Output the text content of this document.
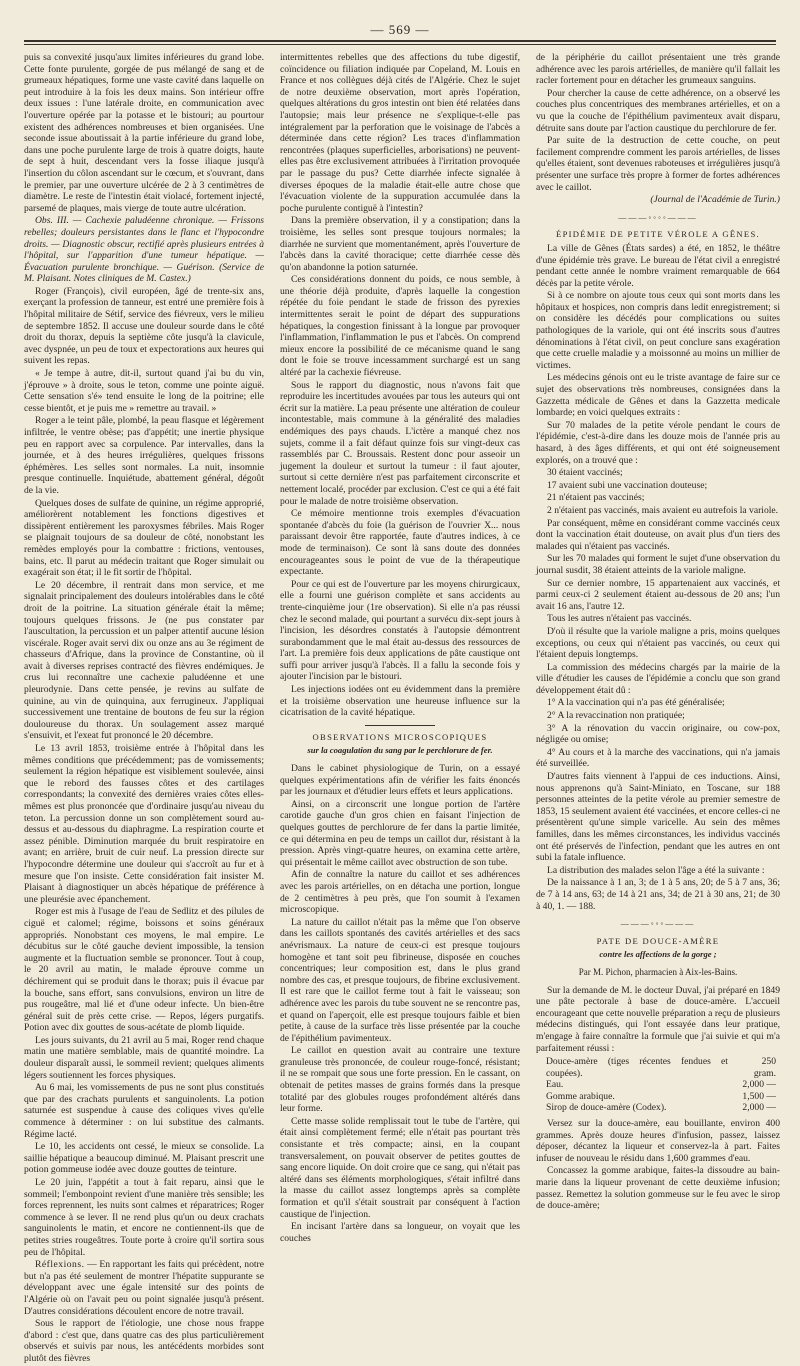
— 569 —

puis sa convexité jusqu'aux limites inférieures du grand lobe. Cette fonte purulente, gorgée de pus mélangé de sang et de grumeaux hépatiques, forme une vaste cavité dans laquelle on peut introduire à la fois les deux mains. Son intérieur offre deux issues : l'une latérale droite, en communication avec l'ouverture opérée par la potasse et le bistouri; au pourtour existent des adhérences nombreuses et bien organisées. Une seconde issue aboutissait à la partie inférieure du grand lobe, dans une poche purulente large de trois à quatre doigts, haute de sept à huit, descendant vers la fosse iliaque jusqu'à l'insertion du côlon ascendant sur le cœcum, et s'ouvrant, dans le premier, par une ouverture ulcérée de 2 à 3 centimètres de diamètre. Le reste de l'intestin était violacé, fortement injecté, parsemé de plaques, mais vierge de toute autre ulcération.

Obs. III. — Cachexie paludéenne chronique. — Frissons rebelles; douleurs persistantes dans le flanc et l'hypocondre droits. — Diagnostic obscur, rectifié après plusieurs entrées à l'hôpital, sur l'apparition d'une tumeur hépatique. — Évacuation purulente bronchique. — Guérison. (Service de M. Plaisant. Notes cliniques de M. Castex.)

Roger (François), civil européen, âgé de trente-six ans, exerçant la profession de tanneur, est entré une première fois à l'hôpital militaire de Sétif, service des fiévreux, vers le milieu de septembre 1852. Il accuse une douleur sourde dans le côté droit du thorax, depuis la septième côte jusqu'à la clavicule, avec dyspnée, un peu de toux et expectorations aux heures qui suivent les repas.

« Je tempe à autre, dit-il, surtout quand j'ai bu du vin, j'éprouve » à droite, sous le teton, comme une pointe aiguë. Cette sensation s'é» tend ensuite le long de la poitrine; elle cesse bientôt, et je puis me » remettre au travail. »

Roger a le teint pâle, plombé, la peau flasque et légèrement infiltrée, le ventre obèse; pas d'appétit; une inertie physique peu en rapport avec sa corpulence. Par intervalles, dans la journée, et à des heures irrégulières, quelques frissons éphémères. Les selles sont normales. La nuit, insomnie presque continuelle. Inquiétude, abattement général, dégoût de la vie.

Quelques doses de sulfate de quinine, un régime approprié, améliorèrent notablement les fonctions digestives et dissipèrent entièrement les paroxysmes fébriles. Mais Roger se plaignait toujours de sa douleur de côté, nonobstant les remèdes employés pour la combattre : frictions, ventouses, bains, etc. Il parut au médecin traitant que Roger simulait ou exagérait son état; il le fit sortir de l'hôpital.

Le 20 décembre, il rentrait dans mon service, et me signalait principalement des douleurs intolérables dans le côté droit de la poitrine. La situation générale était la même; toujours quelques frissons. Je (ne pus constater par l'auscultation, la percussion et un palper attentif aucune lésion viscérale. Roger avait servi dix ou onze ans au 3e régiment de chasseurs d'Afrique, dans la province de Constantine, où il avait à diverses reprises contracté des fièvres endémiques. Je crus lui reconnaître une cachexie paludéenne et une pleurodynie. Dans cette pensée, je revins au sulfate de quinine, au vin de quinquina, aux ferrugineux. J'appliquai successivement une trentaine de boutons de feu sur la région douloureuse du thorax. Un soulagement assez marqué s'ensuivit, et l'exeat fut prononcé le 20 décembre.

Le 13 avril 1853, troisième entrée à l'hôpital dans les mêmes conditions que précédemment; pas de vomissements; seulement la région hépatique est visiblement soulevée, ainsi que le rebord des fausses côtes et des cartilages correspondants; la convexité des dernières vraies côtes elles-mêmes est plus prononcée que d'ordinaire jusqu'au niveau du teton. La percussion donne un son complètement sourd au-dessus et au-dessous du diaphragme. La respiration courte et assez pénible. Diminution marquée du bruit respiratoire en avant; en arrière, bruit de cuir neuf. La pression directe sur l'hypocondre détermine une douleur qui s'accroît au fur et à mesure que l'on insiste. Cette considération fait insister M. Plaisant à diagnostiquer un abcès hépatique de préférence à une pleurésie avec épanchement.

Roger est mis à l'usage de l'eau de Sedlitz et des pilules de ciguë et calomel; régime, boissons et soins généraux appropriés. Nonobstant ces moyens, le mal empire. Le décubitus sur le côté gauche devient impossible, la tension augmente et la fluctuation semble se prononcer. Tout à coup, le 20 avril au matin, le malade éprouve comme un déchirement qui se produit dans le thorax; puis il évacue par la bouche, sans effort, sans convulsions, environ un litre de pus rougeâtre, mal lié et d'une odeur infecte. Un bien-être général suit de près cette crise. — Repos, légers purgatifs. Potion avec dix gouttes de sous-acétate de plomb liquide.

Les jours suivants, du 21 avril au 5 mai, Roger rend chaque matin une matière semblable, mais de quantité moindre. La douleur disparaît aussi, le sommeil revient; quelques aliments légers soutiennent les forces physiques.

Au 6 mai, les vomissements de pus ne sont plus constitués que par des crachats purulents et sanguinolents. La potion saturnée est suspendue à cause des coliques vives qu'elle commence à déterminer : on lui substitue des calmants. Régime lacté.

Le 10, les accidents ont cessé, le mieux se consolide. La saillie hépatique a beaucoup diminué. M. Plaisant prescrit une potion gommeuse iodée avec douze gouttes de teinture.

Le 20 juin, l'appétit a tout à fait reparu, ainsi que le sommeil; l'embonpoint revient d'une manière très sensible; les forces reprennent, les nuits sont calmes et réparatrices; Roger commence à se lever. Il ne rend plus qu'un ou deux crachats sanguinolents le matin, et encore ne contiennent-ils que de petites stries rougeâtres. Toute porte à croire qu'il sortira sous peu de l'hôpital.

Réflexions. — En rapportant les faits qui précèdent, notre but n'a pas été seulement de montrer l'hépatite suppurante se développant avec une égale intensité sur des points de l'Algérie où on l'avait peu ou point signalée jusqu'à présent. D'autres considérations découlent encore de notre travail.

Sous le rapport de l'étiologie, une chose nous frappe d'abord : c'est que, dans quatre cas des plus particulièrement observés et suivis par nous, les antécédents morbides sont plutôt des fièvres

intermittentes rebelles que des affections du tube digestif, coïncidence ou filiation indiquée par Copeland, M. Louis en France et nos collègues déjà cités de l'Algérie. Chez le sujet de notre deuxième observation, mort après l'opération, quelques altérations du gros intestin ont bien été relatées dans l'autopsie; mais leur présence ne s'explique-t-elle pas intégralement par la perforation que le voisinage de l'abcès a déterminée dans cette région? Les traces d'inflammation rencontrées (plaques superficielles, arborisations) ne peuvent-elles pas être exclusivement attribuées à l'irritation provoquée par le passage du pus? Cette diarrhée infecte signalée à diverses époques de la maladie était-elle autre chose que l'évacuation violente de la suppuration accumulée dans la poche purulente contiguë à l'intestin?

Dans la première observation, il y a constipation; dans la troisième, les selles sont presque toujours normales; la diarrhée ne survient que momentanément, après l'ouverture de l'abcès dans la cavité thoracique; cette diarrhée cesse dès qu'on abandonne la potion saturnée.

Ces considérations donnent du poids, ce nous semble, à une théorie déjà produite, d'après laquelle la congestion répétée du foie pendant le stade de frisson des pyrexies intermittentes serait le point de départ des suppurations hépatiques, la congestion finissant à la longue par provoquer l'inflammation, l'inflammation le pus et l'abcès. On comprend mieux encore la possibilité de ce mécanisme quand le sang dont le foie se trouve incessamment surchargé est un sang altéré par la cachexie fiévreuse.

Sous le rapport du diagnostic, nous n'avons fait que reproduire les incertitudes avouées par tous les auteurs qui ont écrit sur la matière. La peau présente une altération de couleur incontestable, mais commune à la généralité des maladies endémiques des pays chauds. L'ictère a manqué chez nos sujets, comme il a fait défaut quinze fois sur vingt-deux cas rassemblés par C. Broussais. Restent donc pour asseoir un jugement la douleur et surtout la tumeur : il faut ajouter, surtout si cette dernière n'est pas parfaitement circonscrite et nettement localé, procéder par exclusion. C'est ce qui a été fait pour le malade de notre troisième observation.

Ce mémoire mentionne trois exemples d'évacuation spontanée d'abcès du foie (la guérison de l'ouvrier X... nous paraissant devoir être rapportée, faute d'autres indices, à ce mode de terminaison). Ce sont là sans doute des données encourageantes sous le point de vue de la thérapeutique expectante.

Pour ce qui est de l'ouverture par les moyens chirurgicaux, elle a fourni une guérison complète et sans accidents au trente-cinquième jour (1re observation). Si elle n'a pas réussi chez le second malade, qui pourtant a survécu dix-sept jours à l'incision, les désordres constatés à l'autopsie démontrent surabondamment que le mal était au-dessus des ressources de l'art. La première fois deux applications de pâte caustique ont suffi pour arriver jusqu'à l'abcès. Il a fallu la seconde fois y ajouter l'incision par le bistouri.

Les injections iodées ont eu évidemment dans la première et la troisième observation une heureuse influence sur la cicatrisation de la cavité hépatique.

OBSERVATIONS MICROSCOPIQUES
sur la coagulation du sang par le perchlorure de fer.

Dans le cabinet physiologique de Turin, on a essayé quelques expérimentations afin de vérifier les faits énoncés par les journaux et d'étudier leurs effets et leurs applications.

Ainsi, on a circonscrit une longue portion de l'artère carotide gauche d'un gros chien en faisant l'injection de quelques gouttes de perchlorure de fer dans la partie limitée, ce qui détermina en peu de temps un caillot dur, résistant à la pression. Après vingt-quatre heures, on examina cette artère, qui présentait le même caillot avec obstruction de son tube.

Afin de connaître la nature du caillot et ses adhérences avec les parois artérielles, on en détacha une portion, longue de 2 centimètres à peu près, que l'on soumit à l'examen microscopique.

La nature du caillot n'était pas la même que l'on observe dans les caillots spontanés des cavités artérielles et des sacs anévrismaux. La nature de ceux-ci est presque toujours homogène et tant soit peu fibrineuse, disposée en couches concentriques; leur composition est, dans le plus grand nombre des cas, et presque toujours, de fibrine exclusivement. Il est rare que le caillot ferme tout à fait le vaisseau; son adhérence avec les parois du tube souvent ne se rencontre pas, et quand on l'aperçoit, elle est presque toujours faible et bien petite, à cause de la surface très lisse présentée par la couche de l'épithélium pavimenteux.

Le caillot en question avait au contraire une texture granuleuse très prononcée, de couleur rouge-foncé, résistant; il ne se rompait que sous une forte pression. En le cassant, on obtenait de petites masses de grains formés dans la presque totalité par des globules rouges profondément altérés dans leur forme.

Cette masse solide remplissait tout le tube de l'artère, qui était ainsi complètement fermé; elle n'était pas pourtant très consistante et très compacte; ainsi, en la coupant transversalement, on pouvait observer de petites gouttes de sang encore liquide. On doit croire que ce sang, qui n'était pas altéré dans ses éléments morphologiques, s'était infiltré dans la masse du caillot assez longtemps après sa complète formation et qu'il s'était soustrait par conséquent à l'action caustique de l'injection.

En incisant l'artère dans sa longueur, on voyait que les couches

de la périphérie du caillot présentaient une très grande adhérence avec les parois artérielles, de manière qu'il fallait les racler fortement pour en détacher les grumeaux sanguins.

Pour chercher la cause de cette adhérence, on a observé les couches plus concentriques des membranes artérielles, et on a vu que la couche de l'épithélium pavimenteux avait disparu, détruite sans doute par l'action caustique du perchlorure de fer.

Par suite de la destruction de cette couche, on peut facilement comprendre comment les parois artérielles, de lisses qu'elles étaient, sont devenues raboteuses et irrégulières jusqu'à présenter une surface très propre à former de fortes adhérences avec le caillot.

(Journal de l'Académie de Turin.)
———◦◦◦◦———
ÉPIDÉMIE DE PETITE VÉROLE A GÊNES.

La ville de Gênes (États sardes) a été, en 1852, le théâtre d'une épidémie très grave. Le bureau de l'état civil a enregistré pendant cette année le nombre vraiment remarquable de 664 décès par la petite vérole.

Si à ce nombre on ajoute tous ceux qui sont morts dans les hôpitaux et hospices, non compris dans ledit enregistrement; si on considère les décédés pour complications ou suites pathologiques de la variole, qui ont été inscrits sous d'autres dénominations à l'état civil, on peut conclure sans exagération que cette cruelle maladie y a moissonné au moins un millier de victimes.

Les médecins génois ont eu le triste avantage de faire sur ce sujet des observations très nombreuses, consignées dans la Gazzetta médicale de Gênes et dans la Gazzetta medicale lombarde; en voici quelques extraits :

Sur 70 malades de la petite vérole pendant le cours de l'épidémie, c'est-à-dire dans les douze mois de l'année pris au hasard, à des âges différents, et qui ont été soigneusement explorés, on a trouvé que :

30 étaient vaccinés;

17 avaient subi une vaccination douteuse;

21 n'étaient pas vaccinés;

2 n'étaient pas vaccinés, mais avaient eu autrefois la variole.

Par conséquent, même en considérant comme vaccinés ceux dont la vaccination était douteuse, on avait plus d'un tiers des malades qui n'étaient pas vaccinés.

Sur les 70 malades qui forment le sujet d'une observation du journal susdit, 38 étaient atteints de la variole maligne.

Sur ce dernier nombre, 15 appartenaient aux vaccinés, et parmi ceux-ci 2 seulement étaient au-dessous de 20 ans; l'un avait 16 ans, l'autre 12.

Tous les autres n'étaient pas vaccinés.

D'où il résulte que la variole maligne a pris, moins quelques exceptions, ou ceux qui n'étaient pas vaccinés, ou ceux qui l'étaient depuis longtemps.

La commission des médecins chargés par la mairie de la ville d'étudier les causes de l'épidémie a conclu que son grand développement était dû :

1° A la vaccination qui n'a pas été généralisée;

2° A la revaccination non pratiquée;

3° A la rénovation du vaccin originaire, ou cow-pox, négligée ou omise;

4° Au cours et à la marche des vaccinations, qui n'a jamais été surveillée.

D'autres faits viennent à l'appui de ces inductions. Ainsi, nous apprenons qu'à Saint-Miniato, en Toscane, sur 188 personnes atteintes de la petite vérole au premier semestre de 1853, 15 seulement avaient été vaccinées, et encore celles-ci ne présentèrent qu'une simple varicelle. Au sein des mêmes familles, dans les mêmes circonstances, les individus vaccinés ont été préservés de l'infection, pendant que les autres en ont subi la fatale influence.

La distribution des malades selon l'âge a été la suivante :

De la naissance à 1 an, 3; de 1 à 5 ans, 20; de 5 à 7 ans, 36; de 7 à 14 ans, 63; de 14 à 21 ans, 34; de 21 à 30 ans, 21; de 30 à 40, 1. — 188.

———◦◦◦———
PATE DE DOUCE-AMÈRE
contre les affections de la gorge ;
Par M. Pichon, pharmacien à Aix-les-Bains.

Sur la demande de M. le docteur Duval, j'ai préparé en 1849 une pâte pectorale à base de douce-amère. L'accueil encourageant que cette nouvelle préparation a reçu de plusieurs médecins distingués, qui l'ont essayée dans leur pratique, m'engage à faire connaître la formule que j'ai suivie et qui m'a parfaitement réussi :

Douce-amère (tiges récentes fendues et coupées).	250 gram.
Eau.	2,000 —
Gomme arabique.	1,500 —
Sirop de douce-amère (Codex).	2,000 —

Versez sur la douce-amère, eau bouillante, environ 400 grammes. Après douze heures d'infusion, passez, laissez déposer, décantez la liqueur et conservez-la à part. Faites infuser de nouveau le résidu dans 1,600 grammes d'eau.

Concassez la gomme arabique, faites-la dissoudre au bain-marie dans la liqueur provenant de cette deuxième infusion; passez. Remettez la solution gommeuse sur le feu avec le sirop de douce-amère;
